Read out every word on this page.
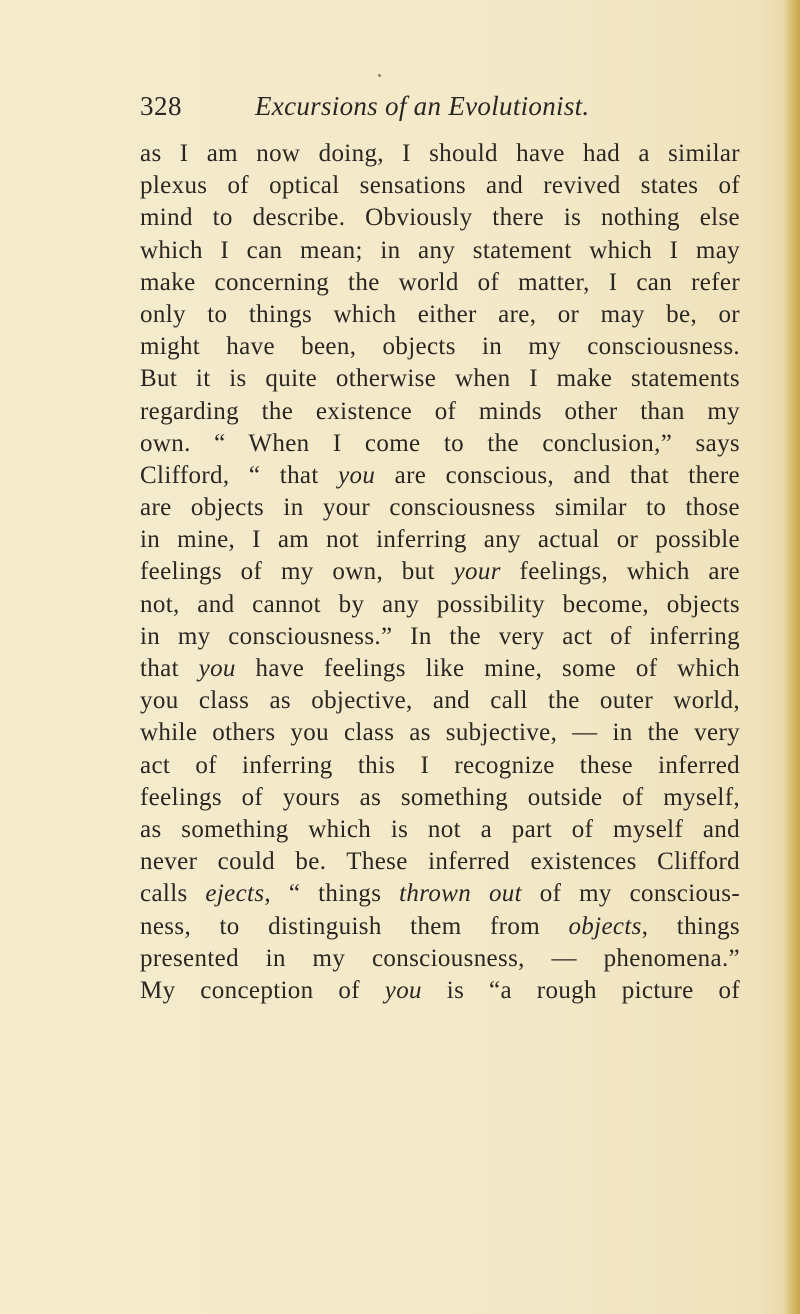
328	Excursions of an Evolutionist.
as I am now doing, I should have had a similar
plexus of optical sensations and revived states of
mind to describe. Obviously there is nothing else
which I can mean; in any statement which I may
make concerning the world of matter, I can refer
only to things which either are, or may be, or
might have been, objects in my consciousness.
But it is quite otherwise when I make statements
regarding the existence of minds other than my
own. “ When I come to the conclusion,” says
Clifford, “ that you are conscious, and that there
are objects in your consciousness similar to those
in mine, I am not inferring any actual or possible
feelings of my own, but your feelings, which are
not, and cannot by any possibility become, objects
in my consciousness.” In the very act of inferring
that you have feelings like mine, some of which
you class as objective, and call the outer world,
while others you class as subjective, — in the very
act of inferring this I recognize these inferred
feelings of yours as something outside of myself,
as something which is not a part of myself and
never could be. These inferred existences Clifford
calls ejects, “ things thrown out of my conscious-
ness, to distinguish them from objects, things
presented in my consciousness, — phenomena.”
My conception of you is “a rough picture of
